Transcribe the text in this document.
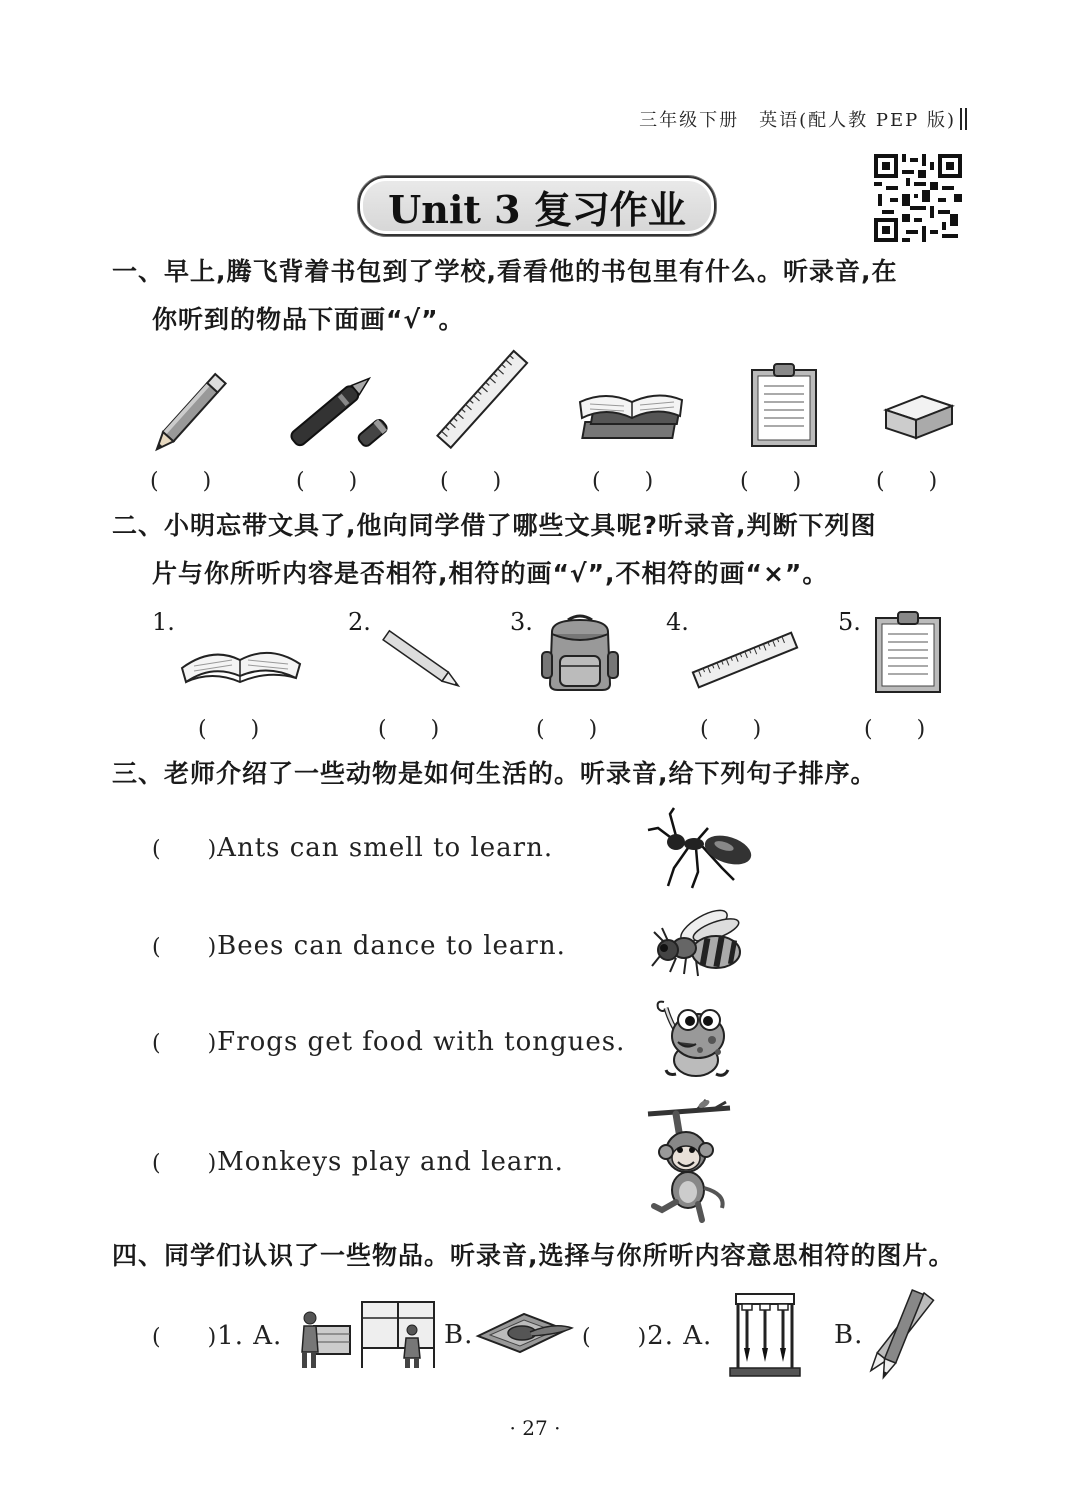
三年级下册　英语(配人教 PEP 版)
Unit 3 复习作业
一、早上,腾飞背着书包到了学校,看看他的书包里有什么。听录音,在
你听到的物品下面画“√”。
(　　)	(　　)	(　　)	(　　)	(　　)	(　　)
二、小明忘带文具了,他向同学借了哪些文具呢?听录音,判断下列图
片与你所听内容是否相符,相符的画“√”,不相符的画“×”。
1.	2.	3.	4.	5.
(　　)	(　　)	(　　)	(　　)	(　　)
三、老师介绍了一些动物是如何生活的。听录音,给下列句子排序。
(　　)Ants can smell to learn.
(　　)Bees can dance to learn.
(　　)Frogs get food with tongues.
(　　)Monkeys play and learn.
四、同学们认识了一些物品。听录音,选择与你所听内容意思相符的图片。
(　　)1. A.	B.	(　　)2. A.	B.
· 27 ·
